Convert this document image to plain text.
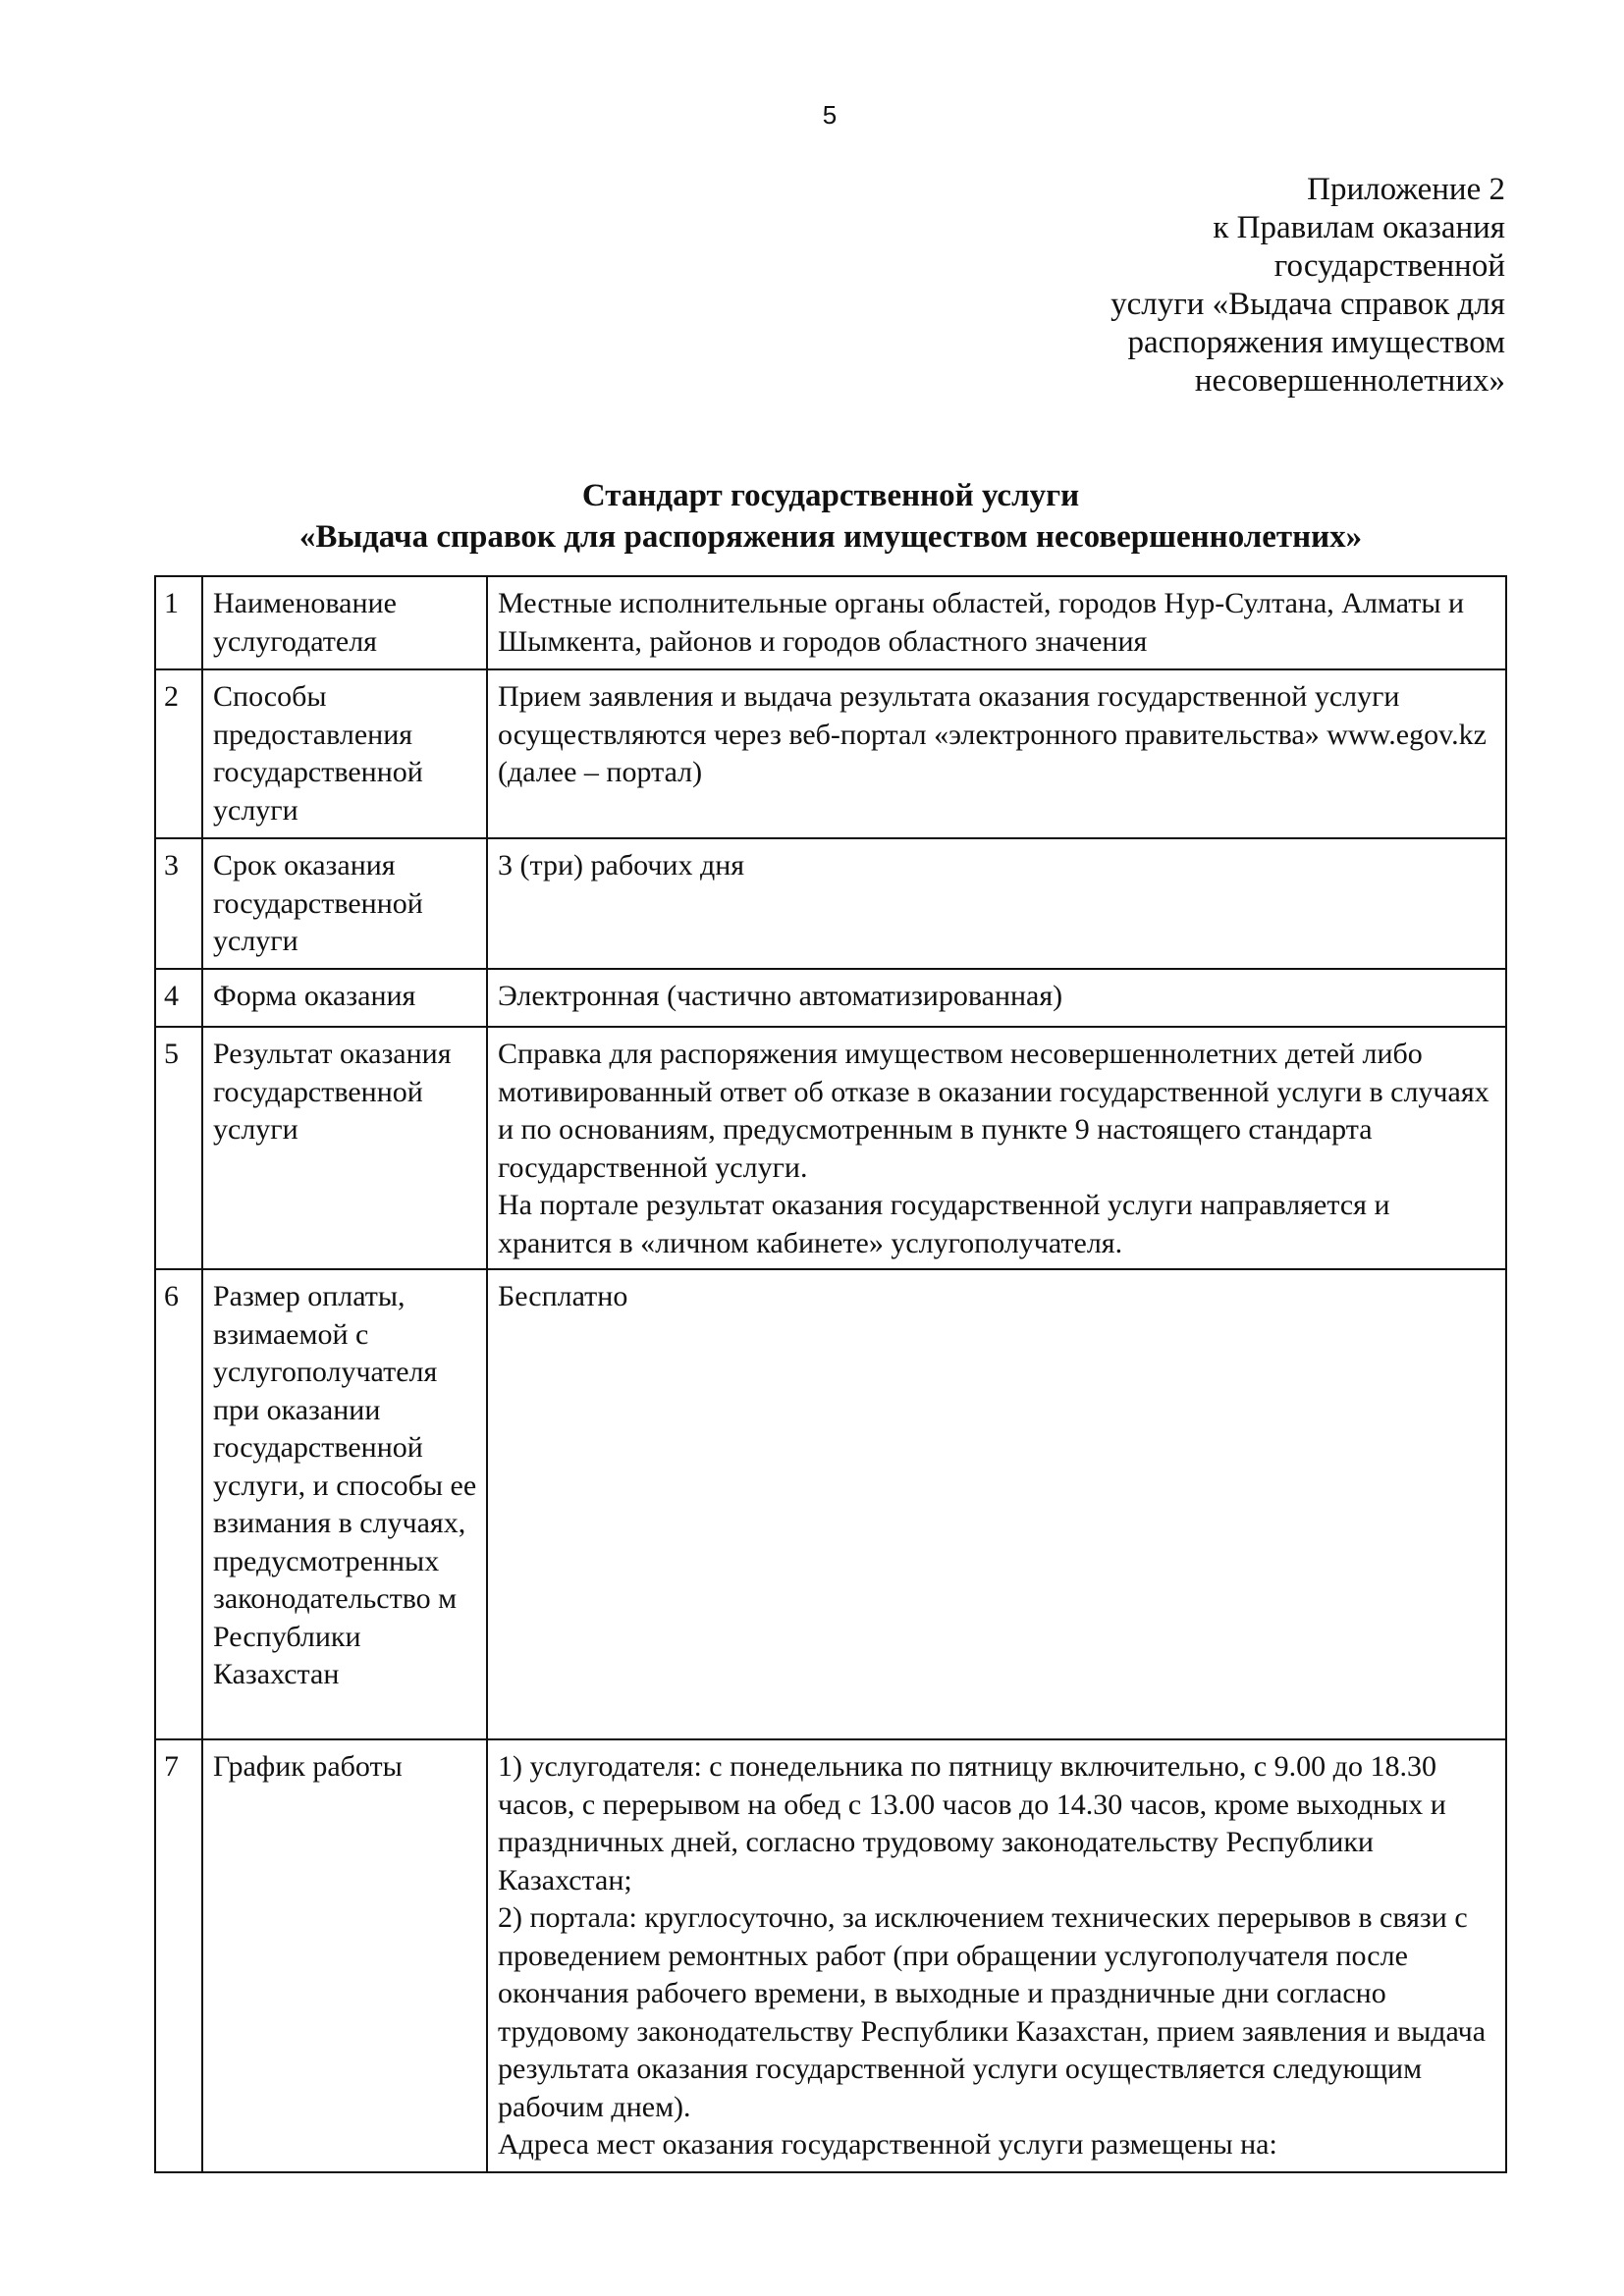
5
Приложение 2
к Правилам оказания
государственной
услуги «Выдача справок для
распоряжения имуществом
несовершеннолетних»
Стандарт государственной услуги
«Выдача справок для распоряжения имуществом несовершеннолетних»
1	Наименование услугодателя	Местные исполнительные органы областей, городов Нур-Султана, Алматы и Шымкента, районов и городов областного значения

2	Способы предоставления государственной услуги	Прием заявления и выдача результата оказания государственной услуги осуществляются через веб-портал «электронного правительства» www.egov.kz (далее – портал)

3	Срок оказания государственной услуги	3 (три) рабочих дня

4	Форма оказания	Электронная (частично автоматизированная)

5	Результат оказания государственной услуги	Справка для распоряжения имуществом несовершеннолетних детей либо мотивированный ответ об отказе в оказании государственной услуги в случаях и по основаниям, предусмотренным в пункте 9 настоящего стандарта государственной услуги.
На портале результат оказания государственной услуги направляется и хранится в «личном кабинете» услугополучателя.

6	Размер оплаты, взимаемой с услугополучателя при оказании государственной услуги, и способы ее взимания в случаях, предусмотренных законодательство м Республики Казахстан	Бесплатно

7	График работы	1) услугодателя: с понедельника по пятницу включительно, с 9.00 до 18.30 часов, с перерывом на обед с 13.00 часов до 14.30 часов, кроме выходных и праздничных дней, согласно трудовому законодательству Республики Казахстан;
2) портала: круглосуточно, за исключением технических перерывов в связи с проведением ремонтных работ (при обращении услугополучателя после окончания рабочего времени, в выходные и праздничные дни согласно трудовому законодательству Республики Казахстан, прием заявления и выдача результата оказания государственной услуги осуществляется следующим рабочим днем).
Адреса мест оказания государственной услуги размещены на:
